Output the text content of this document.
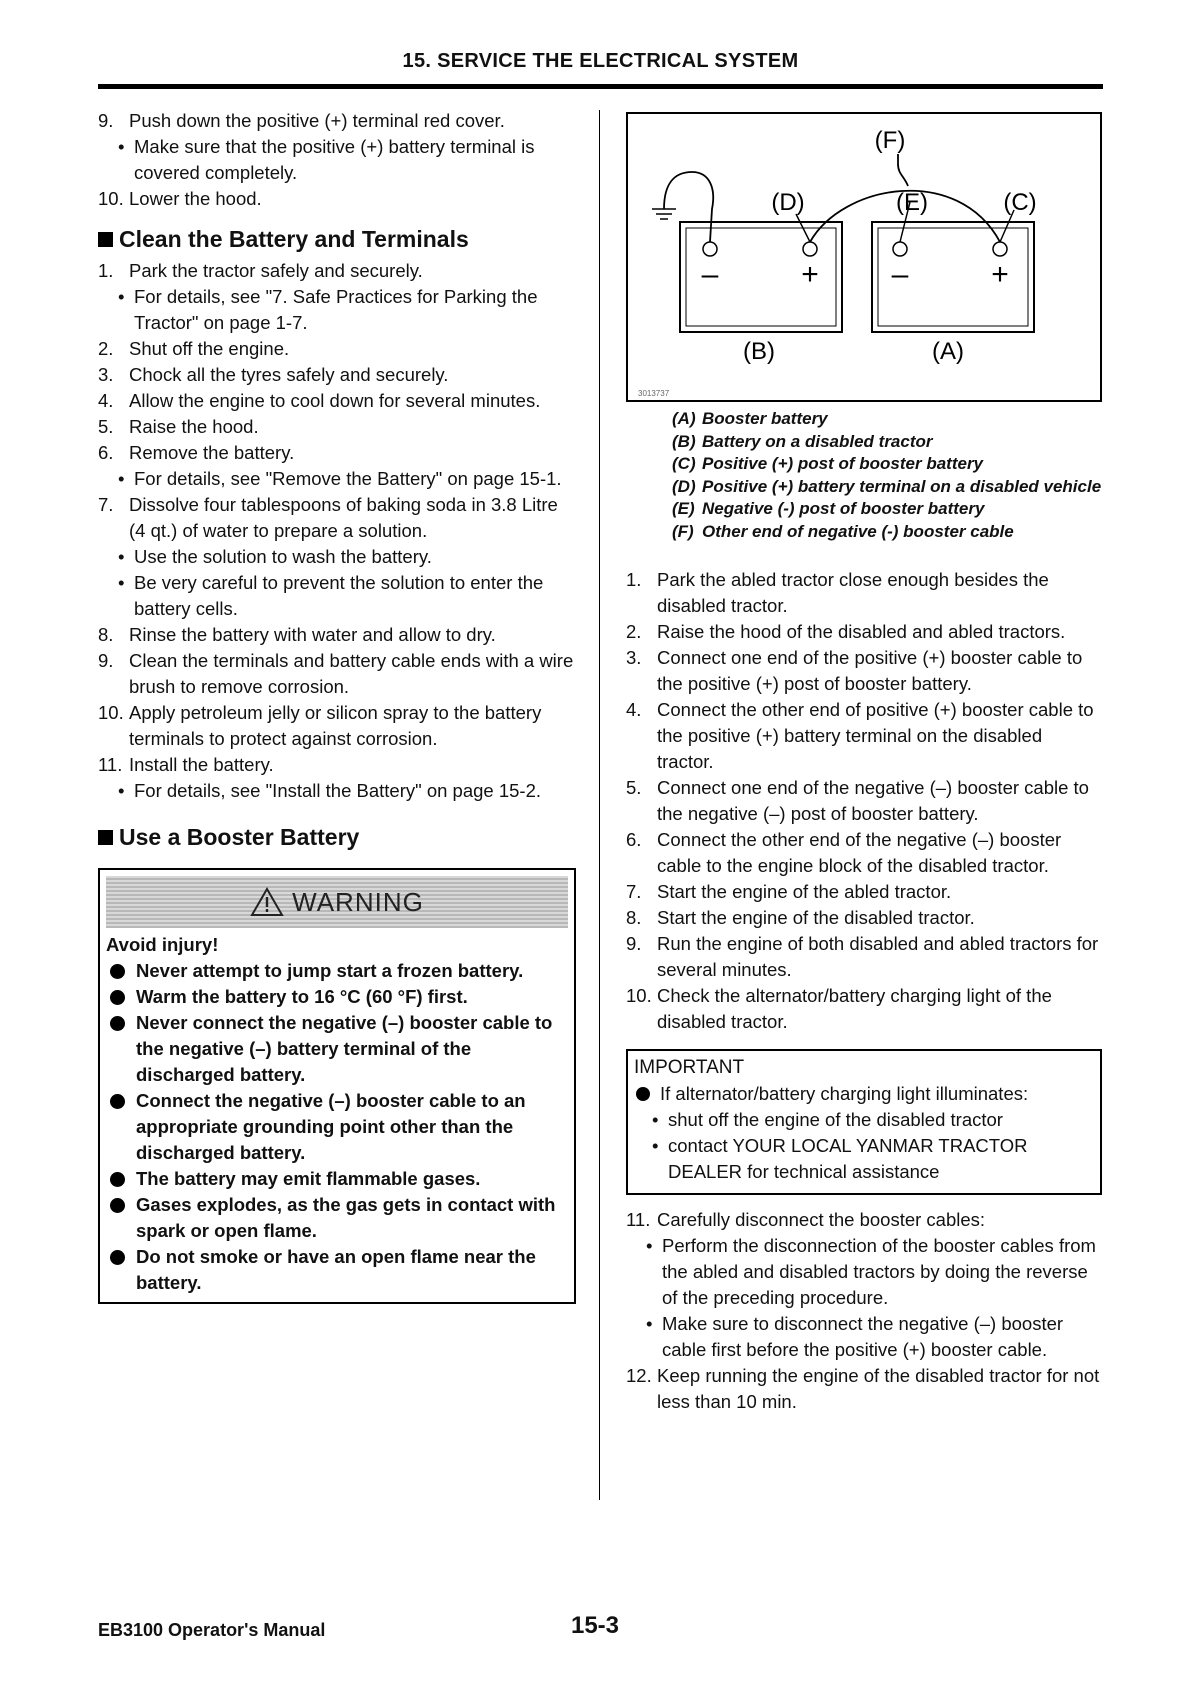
15. SERVICE THE ELECTRICAL SYSTEM
9. Push down the positive (+) terminal red cover.
• Make sure that the positive (+) battery terminal is covered completely.
10. Lower the hood.
Clean the Battery and Terminals
1. Park the tractor safely and securely.
• For details, see "7. Safe Practices for Parking the Tractor" on page 1-7.
2. Shut off the engine.
3. Chock all the tyres safely and securely.
4. Allow the engine to cool down for several minutes.
5. Raise the hood.
6. Remove the battery.
• For details, see "Remove the Battery" on page 15-1.
7. Dissolve four tablespoons of baking soda in 3.8 Litre (4 qt.) of water to prepare a solution.
• Use the solution to wash the battery.
• Be very careful to prevent the solution to enter the battery cells.
8. Rinse the battery with water and allow to dry.
9. Clean the terminals and battery cable ends with a wire brush to remove corrosion.
10. Apply petroleum jelly or silicon spray to the battery terminals to protect against corrosion.
11. Install the battery.
• For details, see "Install the Battery" on page 15-2.
Use a Booster Battery
WARNING
Avoid injury!
Never attempt to jump start a frozen battery.
Warm the battery to 16 °C (60 °F) first.
Never connect the negative (–) booster cable to the negative (–) battery terminal of the discharged battery.
Connect the negative (–) booster cable to an appropriate grounding point other than the discharged battery.
The battery may emit flammable gases.
Gases explodes, as the gas gets in contact with spark or open flame.
Do not smoke or have an open flame near the battery.
(F)
(D)	(E)	(C)
(B)	(A)
–	+ –	+
3013737
(A) Booster battery
(B) Battery on a disabled tractor
(C) Positive (+) post of booster battery
(D) Positive (+) battery terminal on a disabled vehicle
(E) Negative (-) post of booster battery
(F) Other end of negative (-) booster cable
1. Park the abled tractor close enough besides the disabled tractor.
2. Raise the hood of the disabled and abled tractors.
3. Connect one end of the positive (+) booster cable to the positive (+) post of booster battery.
4. Connect the other end of positive (+) booster cable to the positive (+) battery terminal on the disabled tractor.
5. Connect one end of the negative (–) booster cable to the negative (–) post of booster battery.
6. Connect the other end of the negative (–) booster cable to the engine block of the disabled tractor.
7. Start the engine of the abled tractor.
8. Start the engine of the disabled tractor.
9. Run the engine of both disabled and abled tractors for several minutes.
10. Check the alternator/battery charging light of the disabled tractor.
IMPORTANT
If alternator/battery charging light illuminates:
• shut off the engine of the disabled tractor
• contact YOUR LOCAL YANMAR TRACTOR DEALER for technical assistance
11. Carefully disconnect the booster cables:
• Perform the disconnection of the booster cables from the abled and disabled tractors by doing the reverse of the preceding procedure.
• Make sure to disconnect the negative (–) booster cable first before the positive (+) booster cable.
12. Keep running the engine of the disabled tractor for not less than 10 min.
EB3100 Operator's Manual	15-3
